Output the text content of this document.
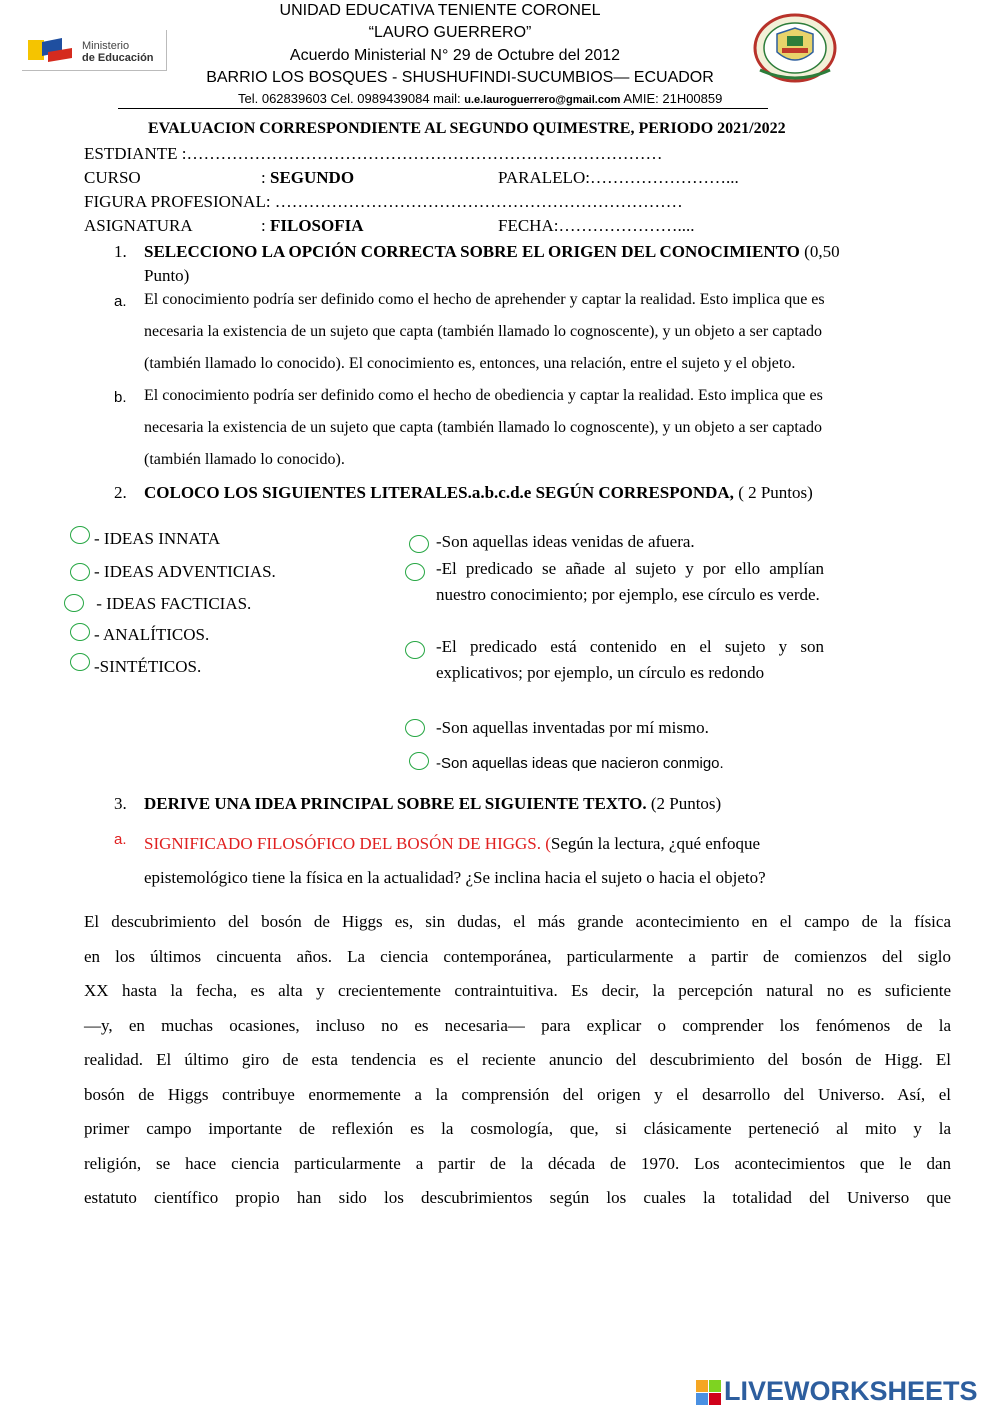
Ministerio
de Educación
UNIDAD EDUCATIVA TENIENTE CORONEL
“LAURO GUERRERO”
Acuerdo Ministerial N° 29 de Octubre del 2012
BARRIO LOS BOSQUES - SHUSHUFINDI-SUCUMBIOS— ECUADOR
Tel. 062839603 Cel. 0989439084 mail: u.e.lauroguerrero@gmail.com AMIE: 21H00859
EVALUACION CORRESPONDIENTE AL SEGUNDO QUIMESTRE, PERIODO 2021/2022
ESTDIANTE :…………………………………………………………………………
CURSO	: SEGUNDO	PARALELO:……………………...
FIGURA PROFESIONAL: ………………………………………………………………
ASIGNATURA	: FILOSOFIA	FECHA:…………………....
1. SELECCIONO LA OPCIÓN CORRECTA SOBRE EL ORIGEN DEL CONOCIMIENTO (0,50
Punto)
a. El conocimiento podría ser definido como el hecho de aprehender y captar la realidad. Esto implica que es
necesaria la existencia de un sujeto que capta (también llamado lo cognoscente), y un objeto a ser captado
(también llamado lo conocido). El conocimiento es, entonces, una relación, entre el sujeto y el objeto.
b. El conocimiento podría ser definido como el hecho de obediencia y captar la realidad. Esto implica que es
necesaria la existencia de un sujeto que capta (también llamado lo cognoscente), y un objeto a ser captado
(también llamado lo conocido).
2. COLOCO LOS SIGUIENTES LITERALES.a.b.c.d.e SEGÚN CORRESPONDA, ( 2 Puntos)
- IDEAS INNATA
- IDEAS ADVENTICIAS.
- IDEAS FACTICIAS.
- ANALÍTICOS.
-SINTÉTICOS.
-Son aquellas ideas venidas de afuera.
-El predicado se añade al sujeto y por ello amplían nuestro conocimiento; por ejemplo, ese círculo es verde.
-El predicado está contenido en el sujeto y son explicativos; por ejemplo, un círculo es redondo
-Son aquellas inventadas por mí mismo.
-Son aquellas ideas que nacieron conmigo.
3. DERIVE UNA IDEA PRINCIPAL SOBRE EL SIGUIENTE TEXTO. (2 Puntos)
a. SIGNIFICADO FILOSÓFICO DEL BOSÓN DE HIGGS. (Según la lectura, ¿qué enfoque
epistemológico tiene la física en la actualidad? ¿Se inclina hacia el sujeto o hacia el objeto?
El descubrimiento del bosón de Higgs es, sin dudas, el más grande acontecimiento en el campo de la física
en los últimos cincuenta años. La ciencia contemporánea, particularmente a partir de comienzos del siglo
XX hasta la fecha, es alta y crecientemente contraintuitiva. Es decir, la percepción natural no es suficiente
—y, en muchas ocasiones, incluso no es necesaria— para explicar o comprender los fenómenos de la
realidad. El último giro de esta tendencia es el reciente anuncio del descubrimiento del bosón de Higg. El
bosón de Higgs contribuye enormemente a la comprensión del origen y el desarrollo del Universo. Así, el
primer campo importante de reflexión es la cosmología, que, si clásicamente perteneció al mito y la
religión, se hace ciencia particularmente a partir de la década de 1970. Los acontecimientos que le dan
estatuto científico propio han sido los descubrimientos según los cuales la totalidad del Universo que
LIVEWORKSHEETS
